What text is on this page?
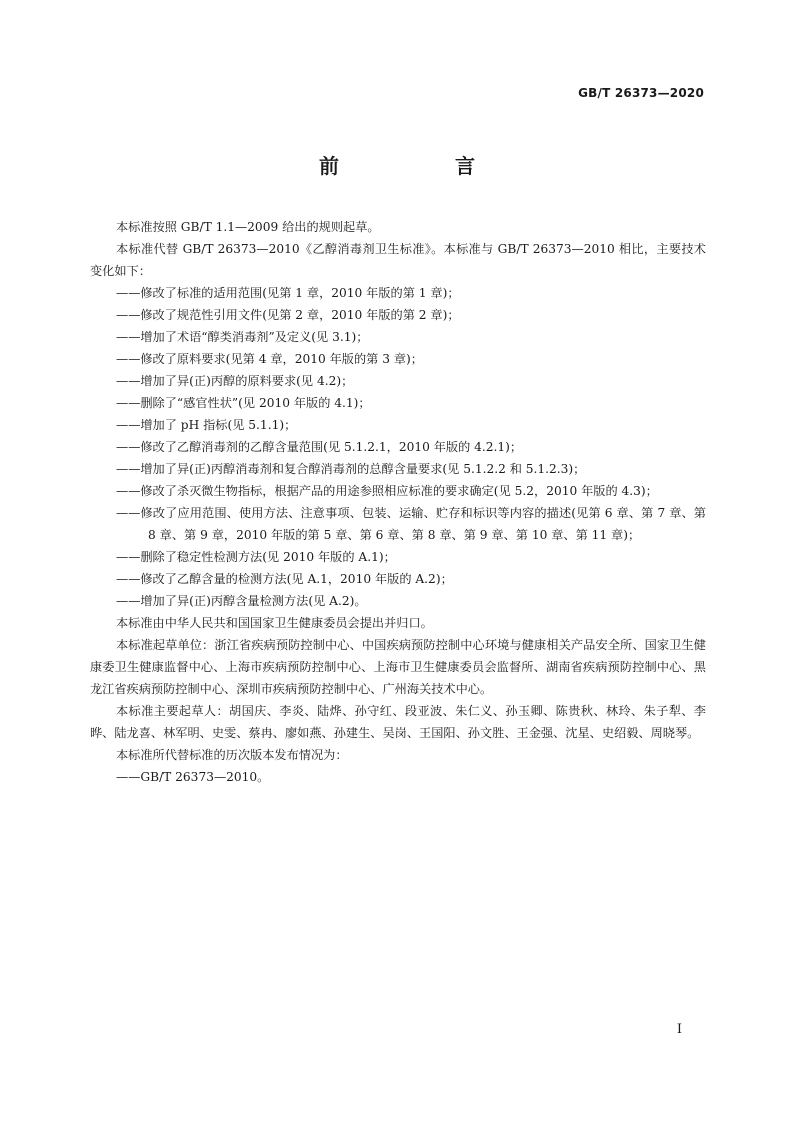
GB/T 26373—2020
前　言

本标准按照 GB/T 1.1—2009 给出的规则起草。

本标准代替 GB/T 26373—2010《乙醇消毒剂卫生标准》。本标准与 GB/T 26373—2010 相比，主要技术变化如下：

——修改了标准的适用范围(见第 1 章，2010 年版的第 1 章)；

——修改了规范性引用文件(见第 2 章，2010 年版的第 2 章)；

——增加了术语“醇类消毒剂”及定义(见 3.1)；

——修改了原料要求(见第 4 章，2010 年版的第 3 章)；

——增加了异(正)丙醇的原料要求(见 4.2)；

——删除了“感官性状”(见 2010 年版的 4.1)；

——增加了 pH 指标(见 5.1.1)；

——修改了乙醇消毒剂的乙醇含量范围(见 5.1.2.1，2010 年版的 4.2.1)；

——增加了异(正)丙醇消毒剂和复合醇消毒剂的总醇含量要求(见 5.1.2.2 和 5.1.2.3)；

——修改了杀灭微生物指标，根据产品的用途参照相应标准的要求确定(见 5.2，2010 年版的 4.3)；

——修改了应用范围、使用方法、注意事项、包装、运输、贮存和标识等内容的描述(见第 6 章、第 7 章、第 8 章、第 9 章，2010 年版的第 5 章、第 6 章、第 8 章、第 9 章、第 10 章、第 11 章)；

——删除了稳定性检测方法(见 2010 年版的 A.1)；

——修改了乙醇含量的检测方法(见 A.1，2010 年版的 A.2)；

——增加了异(正)丙醇含量检测方法(见 A.2)。

本标准由中华人民共和国国家卫生健康委员会提出并归口。

本标准起草单位：浙江省疾病预防控制中心、中国疾病预防控制中心环境与健康相关产品安全所、国家卫生健康委卫生健康监督中心、上海市疾病预防控制中心、上海市卫生健康委员会监督所、湖南省疾病预防控制中心、黑龙江省疾病预防控制中心、深圳市疾病预防控制中心、广州海关技术中心。

本标准主要起草人：胡国庆、李炎、陆烨、孙守红、段亚波、朱仁义、孙玉卿、陈贵秋、林玲、朱子犁、李晔、陆龙喜、林军明、史雯、蔡冉、廖如燕、孙建生、吴岗、王国阳、孙文胜、王金强、沈星、史绍毅、周晓琴。

本标准所代替标准的历次版本发布情况为：

——GB/T 26373—2010。

I
